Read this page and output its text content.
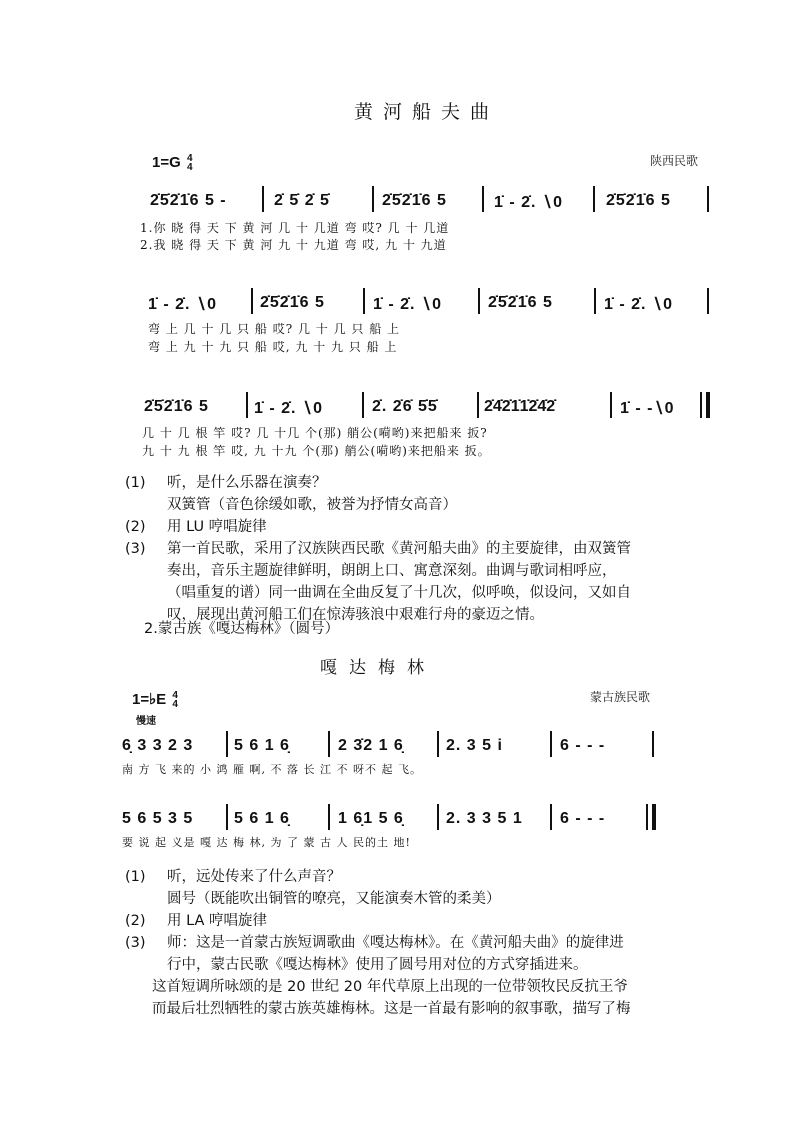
黄河船夫曲
1=G 4
4	陕西民歌
2̇5̇2̇1̇6 5 -	2̇ 5̇ 2̇ 5̇	2̇5̇2̇1̇6 5	1̇ - 2̇. ∖0	2̇5̇2̇1̇6 5
1.你 晓 得 天 下 黄 河 几 十 几道 弯 哎? 几 十 几道
2.我 晓 得 天 下 黄 河 九 十 九道 弯 哎, 九 十 九道
1̇ - 2̇. ∖0	2̇5̇2̇1̇6 5	1̇ - 2̇. ∖0	2̇5̇2̇1̇6 5	1̇ - 2̇. ∖0
弯 上 几 十 几 只 船 哎? 几 十 几 只 船 上
弯 上 九 十 九 只 船 哎, 九 十 九 只 船 上
2̇5̇2̇1̇6 5	1̇ - 2̇. ∖0	2̇. 2̇6̇ 5̇5̇	2̇4̇2̇1̇1̇2̇4̇2̇	1̇ - -∖0
几 十 几 根 竿 哎? 几 十几 个(那) 艄公(嗬哟)来把船来 扳?
九 十 九 根 竿 哎, 九 十九 个(那) 艄公(嗬哟)来把船来 扳。
(1) 听，是什么乐器在演奏？
双簧管（音色徐缓如歌，被誉为抒情女高音）
(2) 用 LU 哼唱旋律
(3) 第一首民歌，采用了汉族陕西民歌《黄河船夫曲》的主要旋律，由双簧管
奏出，音乐主题旋律鲜明，朗朗上口、寓意深刻。曲调与歌词相呼应，
（唱重复的谱）同一曲调在全曲反复了十几次，似呼唤，似设问，又如自
叹，展现出黄河船工们在惊涛骇浪中艰难行舟的豪迈之情。
2.蒙古族《嘎达梅林》（圆号）
嘎达梅林
1=♭E 4
4
慢速
蒙古族民歌
6̣ 3 3 2 3	5 6 1 6̣	2 3̇2 1 6̣	2. 3 5 i	6 - - -
南 方 飞 来的 小 鸿 雁 啊, 不 落 长 江 不 呀不 起 飞。
5 6 5 3 5	5 6 1 6̣	1 6̣1 5 6̣	2. 3 3 5 1 6 - - -
要 说 起 义是 嘎 达 梅 林, 为 了 蒙 古 人 民的土 地!
(1) 听，远处传来了什么声音？
圆号（既能吹出铜管的嘹亮，又能演奏木管的柔美）
(2) 用 LA 哼唱旋律
(3) 师：这是一首蒙古族短调歌曲《嘎达梅林》。在《黄河船夫曲》的旋律进
行中，蒙古民歌《嘎达梅林》使用了圆号用对位的方式穿插进来。
这首短调所咏颂的是 20 世纪 20 年代草原上出现的一位带领牧民反抗王爷
而最后壮烈牺牲的蒙古族英雄梅林。这是一首最有影响的叙事歌，描写了梅
